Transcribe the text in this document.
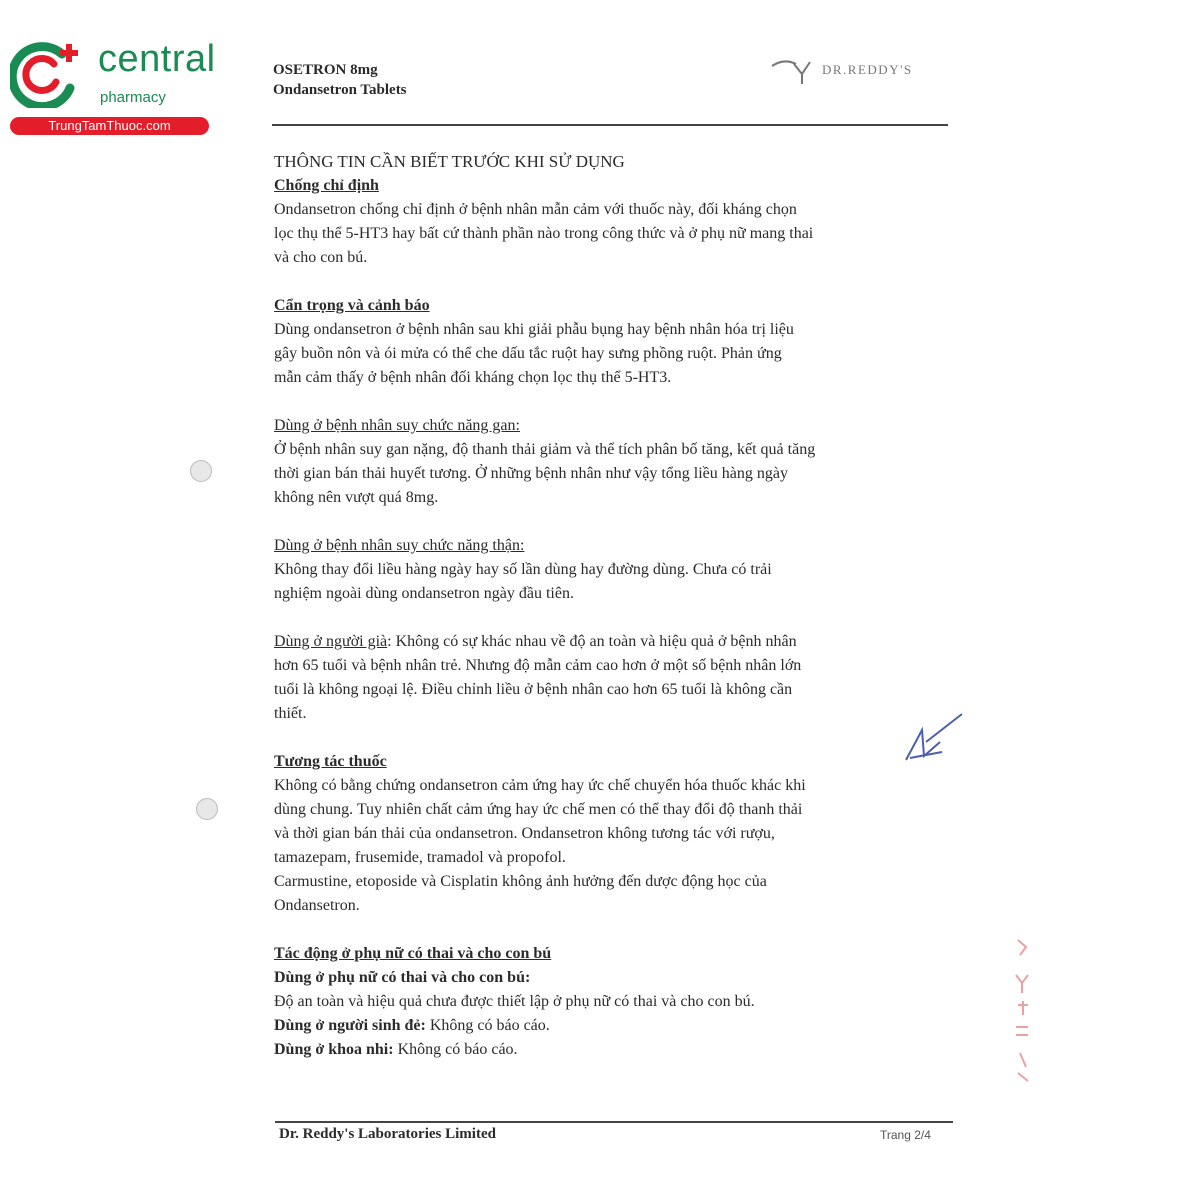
central
pharmacy
TrungTamThuoc.com
OSETRON 8mg
Ondansetron Tablets
DR.REDDY'S
THÔNG TIN CẦN BIẾT TRƯỚC KHI SỬ DỤNG
Chống chỉ định
Ondansetron chống chỉ định ở bệnh nhân mẫn cảm với thuốc này, đối kháng chọn
lọc thụ thể 5-HT3 hay bất cứ thành phần nào trong công thức và ở phụ nữ mang thai
và cho con bú.
Cẩn trọng và cảnh báo
Dùng ondansetron ở bệnh nhân sau khi giải phẫu bụng hay bệnh nhân hóa trị liệu
gây buồn nôn và ói mửa có thể che dấu tắc ruột hay sưng phồng ruột. Phản ứng
mẫn cảm thấy ở bệnh nhân đối kháng chọn lọc thụ thể 5-HT3.
Dùng ở bệnh nhân suy chức năng gan:
Ở bệnh nhân suy gan nặng, độ thanh thải giảm và thể tích phân bố tăng, kết quả tăng
thời gian bán thải huyết tương. Ở những bệnh nhân như vậy tổng liều hàng ngày
không nên vượt quá 8mg.
Dùng ở bệnh nhân suy chức năng thận:
Không thay đổi liều hàng ngày hay số lần dùng hay đường dùng. Chưa có trải
nghiệm ngoài dùng ondansetron ngày đầu tiên.
Dùng ở người già: Không có sự khác nhau về độ an toàn và hiệu quả ở bệnh nhân
hơn 65 tuổi và bệnh nhân trẻ. Nhưng độ mẫn cảm cao hơn ở một số bệnh nhân lớn
tuổi là không ngoại lệ. Điều chỉnh liều ở bệnh nhân cao hơn 65 tuổi là không cần
thiết.
Tương tác thuốc
Không có bằng chứng ondansetron cảm ứng hay ức chế chuyển hóa thuốc khác khi
dùng chung. Tuy nhiên chất cảm ứng hay ức chế men có thể thay đổi độ thanh thải
và thời gian bán thải của ondansetron. Ondansetron không tương tác với rượu,
tamazepam, frusemide, tramadol và propofol.
Carmustine, etoposide và Cisplatin không ảnh hưởng đến dược động học của
Ondansetron.
Tác động ở phụ nữ có thai và cho con bú
Dùng ở phụ nữ có thai và cho con bú:
Độ an toàn và hiệu quả chưa được thiết lập ở phụ nữ có thai và cho con bú.
Dùng ở người sinh đẻ: Không có báo cáo.
Dùng ở khoa nhi: Không có báo cáo.
Dr. Reddy's Laboratories Limited	Trang 2/4
